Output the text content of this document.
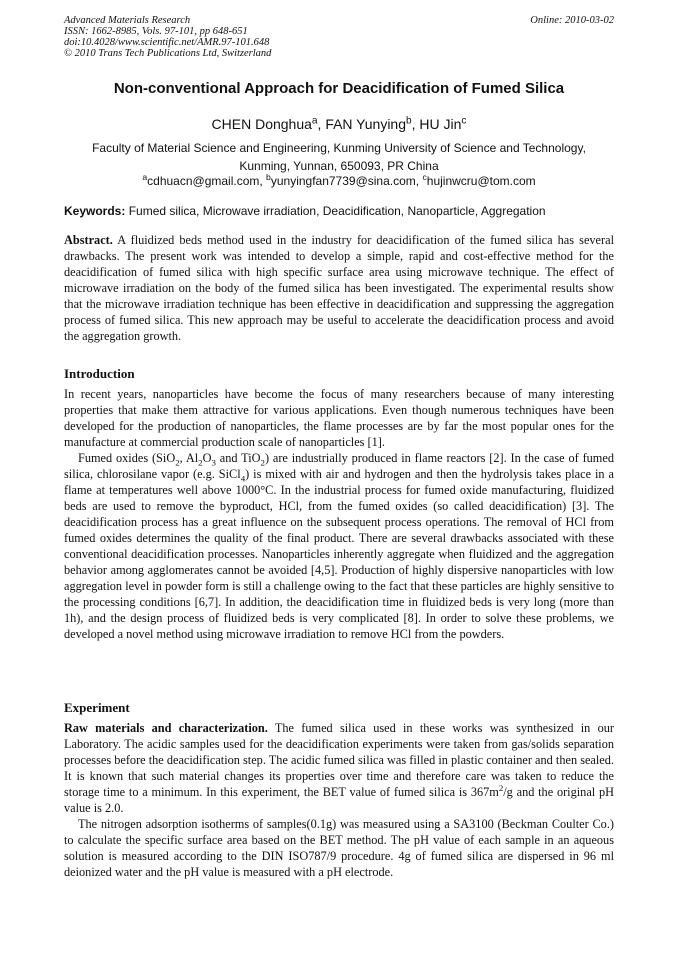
Advanced Materials Research
ISSN: 1662-8985, Vols. 97-101, pp 648-651
doi:10.4028/www.scientific.net/AMR.97-101.648
© 2010 Trans Tech Publications Ltd, Switzerland
Online: 2010-03-02
Non-conventional Approach for Deacidification of Fumed Silica
CHEN Donghua$^a$, FAN Yunying$^b$, HU Jin$^c$
Faculty of Material Science and Engineering, Kunming University of Science and Technology,
Kunming, Yunnan, 650093, PR China
$^a$cdhuacn@gmail.com, $^b$yunyingfan7739@sina.com, $^c$hujinwcru@tom.com
Keywords: Fumed silica, Microwave irradiation, Deacidification, Nanoparticle, Aggregation

Abstract. A fluidized beds method used in the industry for deacidification of the fumed silica has several drawbacks. The present work was intended to develop a simple, rapid and cost-effective method for the deacidification of fumed silica with high specific surface area using microwave technique. The effect of microwave irradiation on the body of the fumed silica has been investigated. The experimental results show that the microwave irradiation technique has been effective in deacidification and suppressing the aggregation process of fumed silica. This new approach may be useful to accelerate the deacidification process and avoid the aggregation growth.

Introduction

In recent years, nanoparticles have become the focus of many researchers because of many interesting properties that make them attractive for various applications. Even though numerous techniques have been developed for the production of nanoparticles, the flame processes are by far the most popular ones for the manufacture at commercial production scale of nanoparticles [1].

Fumed oxides (SiO$_2$, $Al_2O_3$ and TiO$_2$) are industrially produced in flame reactors [2]. In the case of fumed silica, chlorosilane vapor (e.g. SiCl$_4$) is mixed with air and hydrogen and then the hydrolysis takes place in a flame at temperatures well above 1000°C. In the industrial process for fumed oxide manufacturing, fluidized beds are used to remove the byproduct, HCl, from the fumed oxides (so called deacidification) [3]. The deacidification process has a great influence on the subsequent process operations. The removal of HCl from fumed oxides determines the quality of the final product. There are several drawbacks associated with these conventional deacidification processes. Nanoparticles inherently aggregate when fluidized and the aggregation behavior among agglomerates cannot be avoided [4,5]. Production of highly dispersive nanoparticles with low aggregation level in powder form is still a challenge owing to the fact that these particles are highly sensitive to the processing conditions [6,7]. In addition, the deacidification time in fluidized beds is very long (more than 1h), and the design process of fluidized beds is very complicated [8]. In order to solve these problems, we developed a novel method using microwave irradiation to remove HCl from the powders.

Experiment

Raw materials and characterization. The fumed silica used in these works was synthesized in our Laboratory. The acidic samples used for the deacidification experiments were taken from gas/solids separation processes before the deacidification step. The acidic fumed silica was filled in plastic container and then sealed. It is known that such material changes its properties over time and therefore care was taken to reduce the storage time to a minimum. In this experiment, the BET value of fumed silica is $367m^2/g$ and the original pH value is 2.0.

The nitrogen adsorption isotherms of samples(0.1g) was measured using a SA3100 (Beckman Coulter Co.) to calculate the specific surface area based on the BET method. The pH value of each sample in an aqueous solution is measured according to the DIN ISO787/9 procedure. 4g of fumed silica are dispersed in 96 ml deionized water and the pH value is measured with a pH electrode.
